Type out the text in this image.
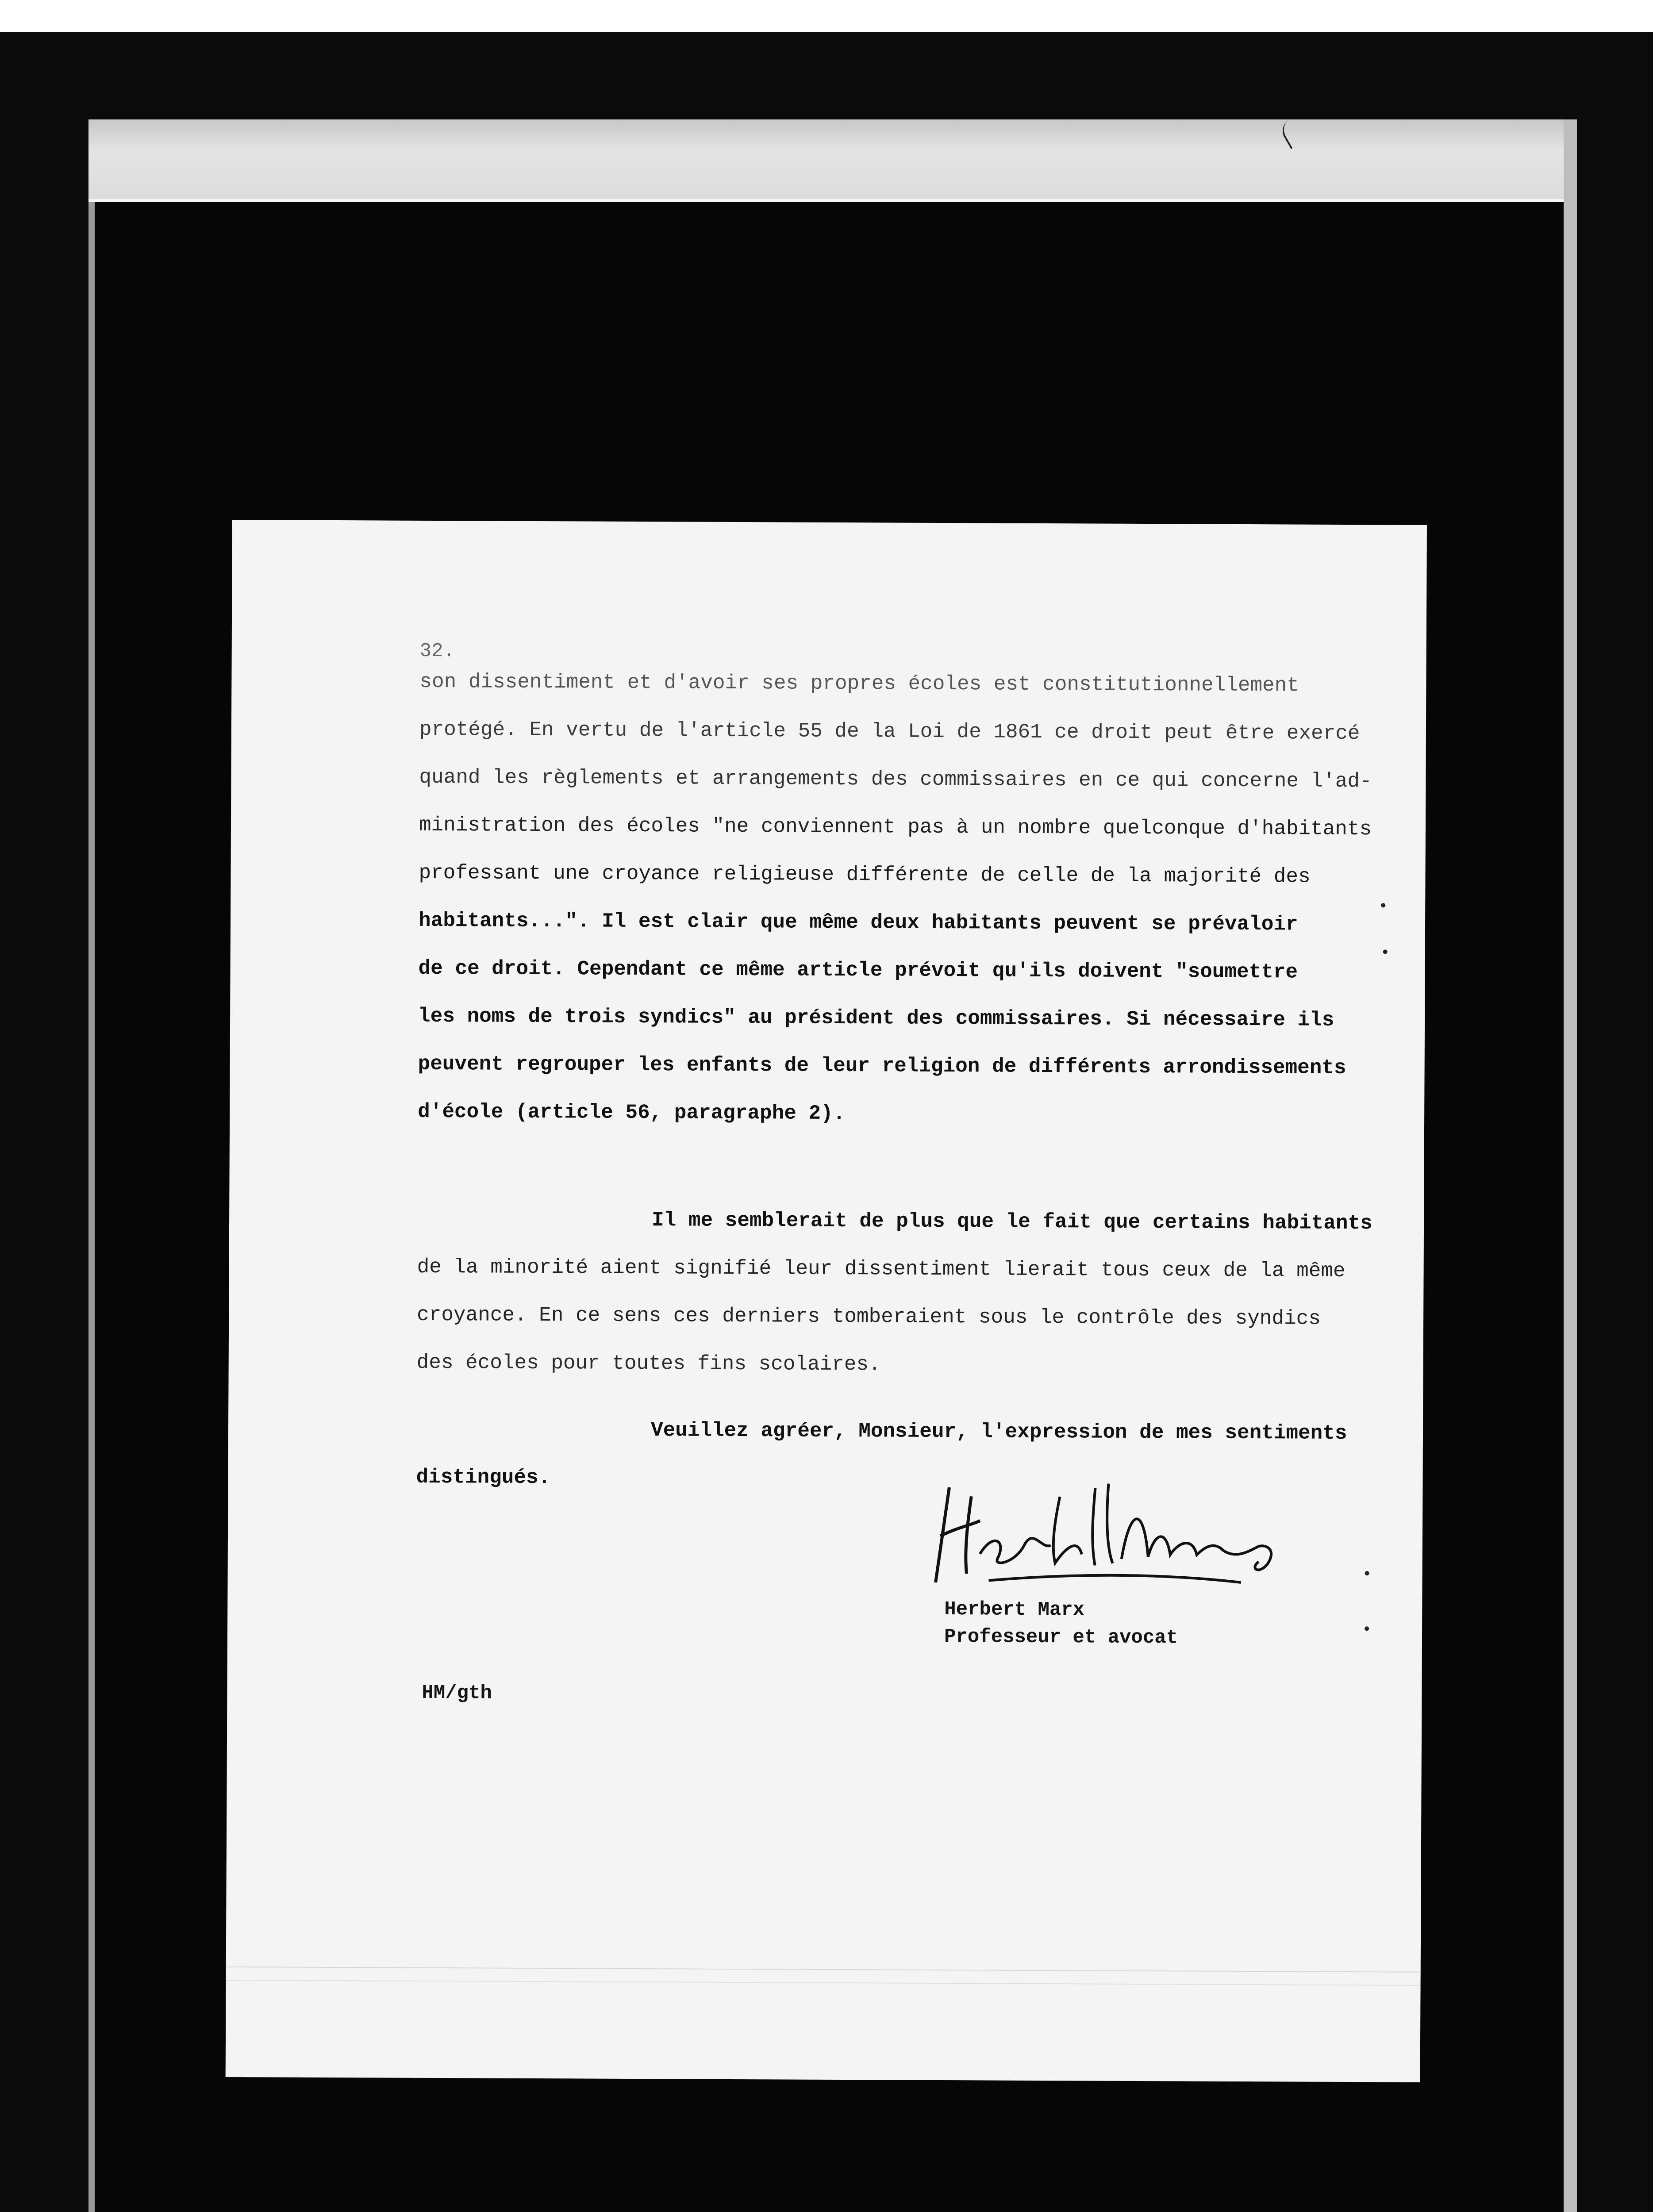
32.
son dissentiment et d'avoir ses propres écoles est constitutionnellement
protégé. En vertu de l'article 55 de la Loi de 1861 ce droit peut être exercé
quand les règlements et arrangements des commissaires en ce qui concerne l'ad-
ministration des écoles "ne conviennent pas à un nombre quelconque d'habitants
professant une croyance religieuse différente de celle de la majorité des
habitants...". Il est clair que même deux habitants peuvent se prévaloir
de ce droit. Cependant ce même article prévoit qu'ils doivent "soumettre
les noms de trois syndics" au président des commissaires. Si nécessaire ils
peuvent regrouper les enfants de leur religion de différents arrondissements
d'école (article 56, paragraphe 2).
Il me semblerait de plus que le fait que certains habitants
de la minorité aient signifié leur dissentiment lierait tous ceux de la même
croyance. En ce sens ces derniers tomberaient sous le contrôle des syndics
des écoles pour toutes fins scolaires.
Veuillez agréer, Monsieur, l'expression de mes sentiments
distingués.
Herbert Marx
Professeur et avocat
HM/gth
